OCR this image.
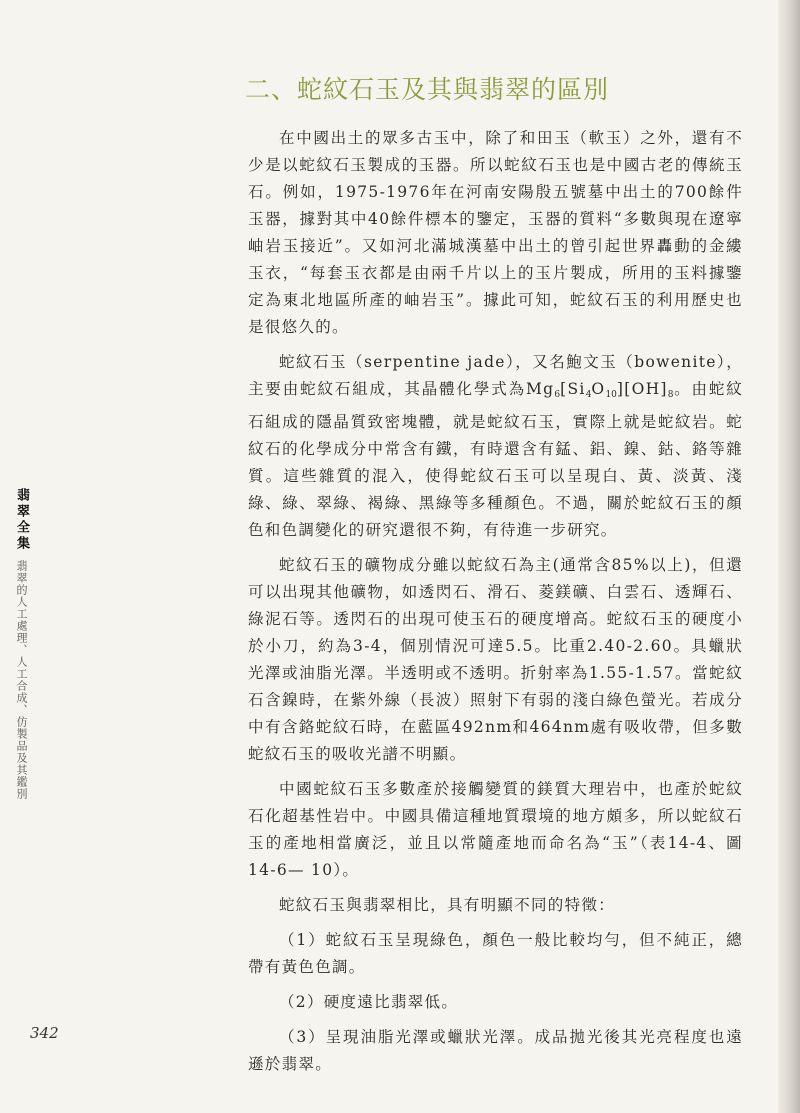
二、蛇紋石玉及其與翡翠的區別

在中國出土的眾多古玉中，除了和田玉（軟玉）之外，還有不少是以蛇紋石玉製成的玉器。所以蛇紋石玉也是中國古老的傳統玉石。例如，1975-1976年在河南安陽殷五號墓中出土的700餘件玉器，據對其中40餘件標本的鑒定，玉器的質料“多數與現在遼寧岫岩玉接近”。又如河北滿城漢墓中出土的曾引起世界轟動的金縷玉衣，“每套玉衣都是由兩千片以上的玉片製成，所用的玉料據鑒定為東北地區所產的岫岩玉”。據此可知，蛇紋石玉的利用歷史也是很悠久的。

蛇紋石玉（serpentine jade），又名鮑文玉（bowenite），主要由蛇紋石組成，其晶體化學式為$Mg_6[Si_4O_{10}][OH]_8$。由蛇紋石組成的隱晶質致密塊體，就是蛇紋石玉，實際上就是蛇紋岩。蛇紋石的化學成分中常含有鐵，有時還含有錳、鋁、鎳、鈷、鉻等雜質。這些雜質的混入，使得蛇紋石玉可以呈現白、黃、淡黃、淺綠、綠、翠綠、褐綠、黑綠等多種顏色。不過，關於蛇紋石玉的顏色和色調變化的研究還很不夠，有待進一步研究。

蛇紋石玉的礦物成分雖以蛇紋石為主(通常含85%以上)，但還可以出現其他礦物，如透閃石、滑石、菱鎂礦、白雲石、透輝石、綠泥石等。透閃石的出現可使玉石的硬度增高。蛇紋石玉的硬度小於小刀，約為3-4，個別情況可達5.5。比重2.40-2.60。具蠟狀光澤或油脂光澤。半透明或不透明。折射率為1.55-1.57。當蛇紋石含鎳時，在紫外線（長波）照射下有弱的淺白綠色螢光。若成分中有含鉻蛇紋石時，在藍區492nm和464nm處有吸收帶，但多數蛇紋石玉的吸收光譜不明顯。

中國蛇紋石玉多數產於接觸變質的鎂質大理岩中，也產於蛇紋石化超基性岩中。中國具備這種地質環境的地方頗多，所以蛇紋石玉的產地相當廣泛，並且以常隨產地而命名為“玉”（表14-4、圖14-6— 10）。

蛇紋石玉與翡翠相比，具有明顯不同的特徵：

（1）蛇紋石玉呈現綠色，顏色一般比較均勻，但不純正，總帶有黃色色調。

（2）硬度遠比翡翠低。

（3）呈現油脂光澤或蠟狀光澤。成品拋光後其光亮程度也遠遜於翡翠。

翡翠全集
翡翠的人工處理、人工合成、仿製品及其鑑別
342
